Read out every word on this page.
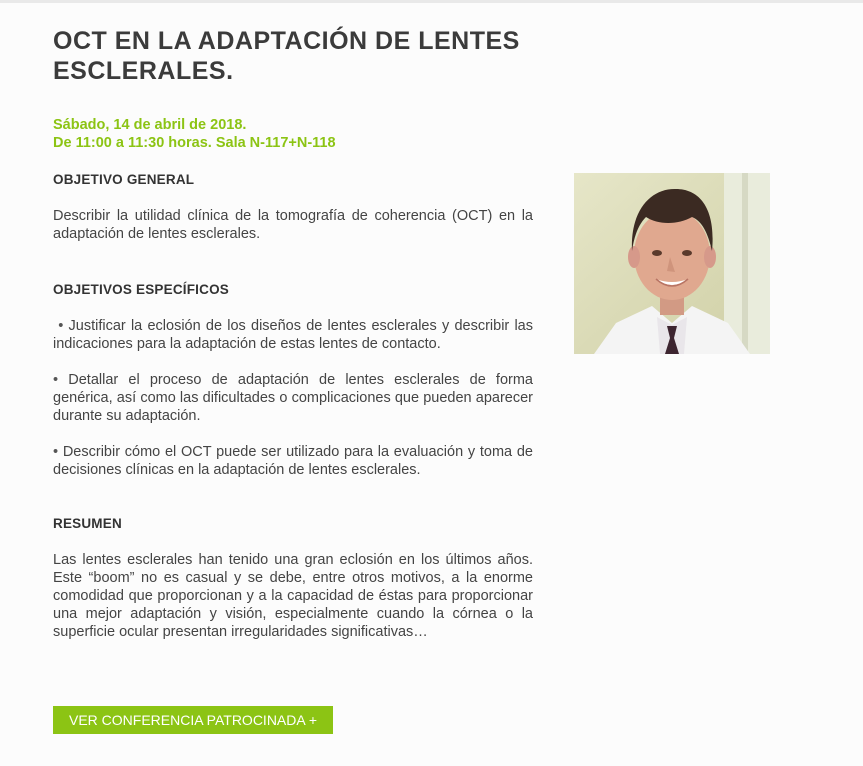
OCT EN LA ADAPTACIÓN DE LENTES ESCLERALES.
Sábado, 14 de abril de 2018.
De 11:00 a 11:30 horas. Sala N-117+N-118

OBJETIVO GENERAL

Describir la utilidad clínica de la tomografía de coherencia (OCT) en la adaptación de lentes esclerales.

OBJETIVOS ESPECÍFICOS

• Justificar la eclosión de los diseños de lentes esclerales y describir las indicaciones para la adaptación de estas lentes de contacto.

• Detallar el proceso de adaptación de lentes esclerales de forma genérica, así como las dificultades o complicaciones que pueden aparecer durante su adaptación.

• Describir cómo el OCT puede ser utilizado para la evaluación y toma de decisiones clínicas en la adaptación de lentes esclerales.

RESUMEN

Las lentes esclerales han tenido una gran eclosión en los últimos años. Este “boom” no es casual y se debe, entre otros motivos, a la enorme comodidad que proporcionan y a la capacidad de éstas para proporcionar una mejor adaptación y visión, especialmente cuando la córnea o la superficie ocular presentan irregularidades significativas…

VER CONFERENCIA PATROCINADA +
